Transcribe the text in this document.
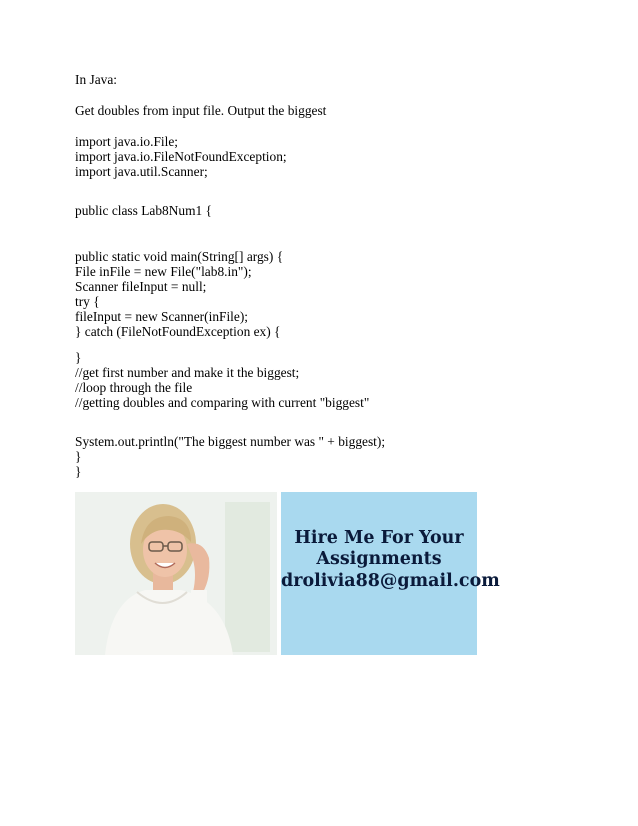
In Java:
Get doubles from input file. Output the biggest
import java.io.File;
import java.io.FileNotFoundException;
import java.util.Scanner;
public class Lab8Num1 {
public static void main(String[] args) {
File inFile = new File("lab8.in");
Scanner fileInput = null;
try {
fileInput = new Scanner(inFile);
} catch (FileNotFoundException ex) {
}
//get first number and make it the biggest;
//loop through the file
//getting doubles and comparing with current "biggest"
System.out.println("The biggest number was " + biggest);
}
}
Hire Me For Your
Assignments
drolivia88@gmail.com
